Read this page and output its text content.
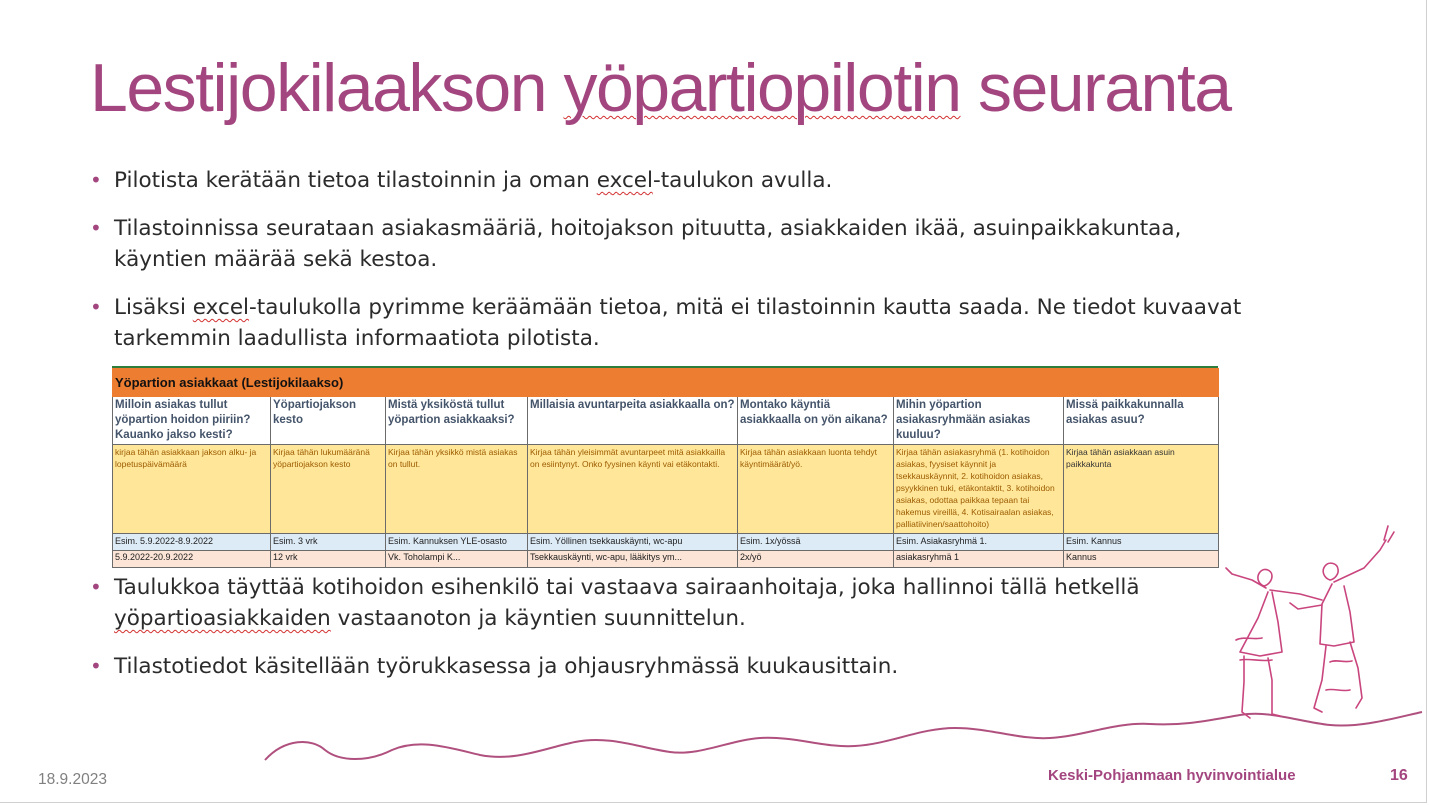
Lestijokilaakson yöpartiopilotin seuranta
• Pilotista kerätään tietoa tilastoinnin ja oman excel-taulukon avulla.
• Tilastoinnissa seurataan asiakasmääriä, hoitojakson pituutta, asiakkaiden ikää, asuinpaikkakuntaa, käyntien määrää sekä kestoa.
• Lisäksi excel-taulukolla pyrimme keräämään tietoa, mitä ei tilastoinnin kautta saada. Ne tiedot kuvaavat tarkemmin laadullista informaatiota pilotista.
Yöpartion asiakkaat (Lestijokilaakso)						
Milloin asiakas tullut yöpartion hoidon piiriin? Kauanko jakso kesti?	Yöpartiojakson kesto	Mistä yksiköstä tullut yöpartion asiakkaaksi?	Millaisia avuntarpeita asiakkaalla on?	Montako käyntiä asiakkaalla on yön aikana?	Mihin yöpartion asiakasryhmään asiakas kuuluu?	Missä paikkakunnalla asiakas asuu?
kirjaa tähän asiakkaan jakson alku- ja lopetuspäivämäärä	Kirjaa tähän lukumääränä yöpartiojakson kesto	Kirjaa tähän yksikkö mistä asiakas on tullut.	Kirjaa tähän yleisimmät avuntarpeet mitä asiakkailla on esiintynyt. Onko fyysinen käynti vai etäkontakti.	Kirjaa tähän asiakkaan luonta tehdyt käyntimäärät/yö.	Kirjaa tähän asiakasryhmä (1. kotihoidon asiakas, fyysiset käynnit ja tsekkauskäynnit, 2. kotihoidon asiakas, psyykkinen tuki, etäkontaktit, 3. kotihoidon asiakas, odottaa paikkaa tepaan tai hakemus vireillä, 4. Kotisairaalan asiakas, palliatiivinen/saattohoito)	Kirjaa tähän asiakkaan asuin paikkakunta
Esim. 5.9.2022-8.9.2022	Esim. 3 vrk	Esim. Kannuksen YLE-osasto	Esim. Yöllinen tsekkauskäynti, wc-apu	Esim. 1x/yössä	Esim. Asiakasryhmä 1.	Esim. Kannus
5.9.2022-20.9.2022	12 vrk	Vk. Toholampi K...	Tsekkauskäynti, wc-apu, lääkitys ym...	2x/yö	asiakasryhmä 1	Kannus
• Taulukkoa täyttää kotihoidon esihenkilö tai vastaava sairaanhoitaja, joka hallinnoi tällä hetkellä yöpartioasiakkaiden vastaanoton ja käyntien suunnittelun.
• Tilastotiedot käsitellään työrukkasessa ja ohjausryhmässä kuukausittain.
18.9.2023	Keski-Pohjanmaan hyvinvointialue	16
